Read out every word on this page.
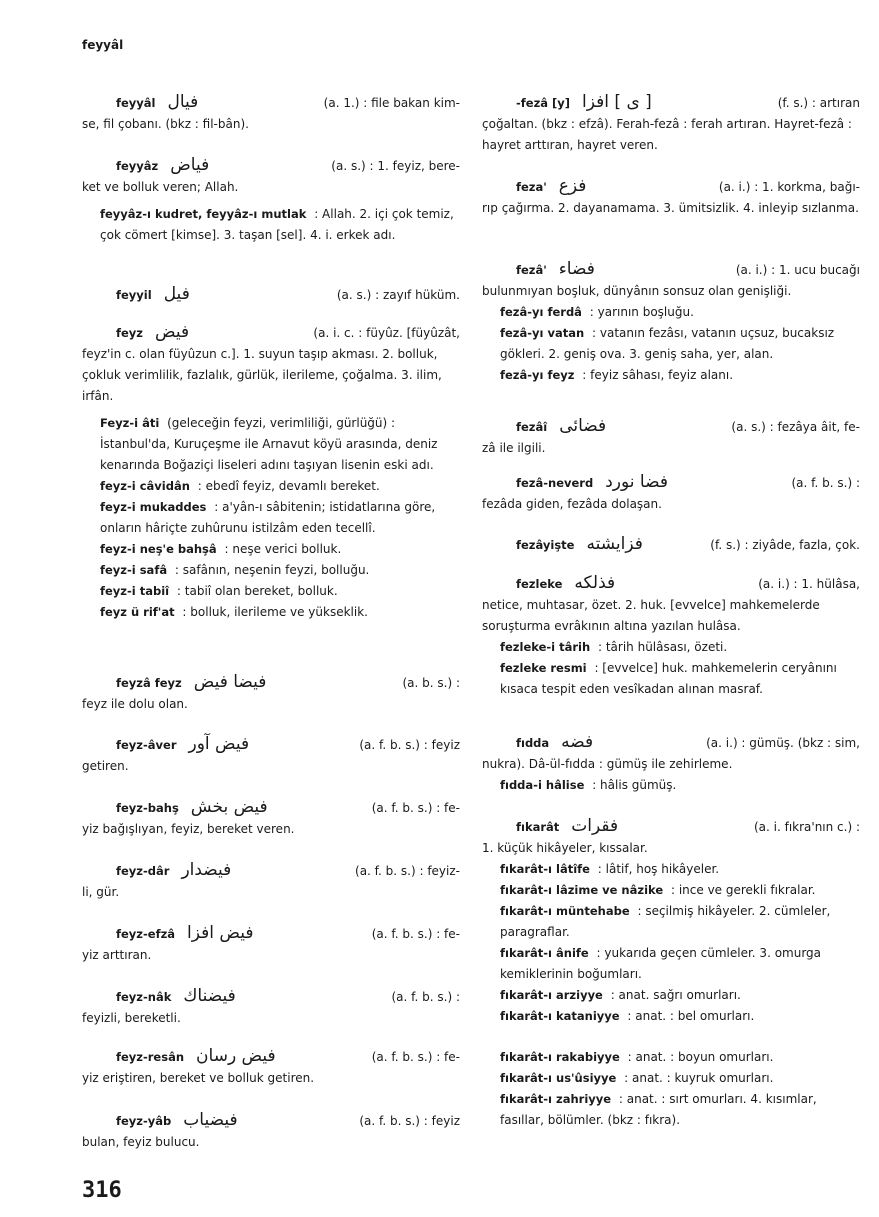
feyyâl
feyyâl فيال	(a. 1.) : file bakan kim-

se, fil çobanı. (bkz : fil-bân).

feyyâz فياض	(a. s.) : 1. feyiz, bere-

ket ve bolluk veren; Allah.

feyyâz-ı kudret, feyyâz-ı mutlak : Allah. 2. içi çok temiz, çok cömert [kimse]. 3. taşan [sel]. 4. i. erkek adı.

feyyil فيل	(a. s.) : zayıf hüküm.
feyz فيض	(a. i. c. : füyûz. [füyûzât,

feyz'in c. olan füyûzun c.]. 1. suyun taşıp akması. 2. bolluk, çokluk verimlilik, fazlalık, gürlük, ilerileme, çoğalma. 3. ilim, irfân.

Feyz-i âti (geleceğin feyzi, verimliliği, gürlüğü) : İstanbul'da, Kuruçeşme ile Arnavut köyü arasında, deniz kenarında Boğaziçi liseleri adını taşıyan lisenin eski adı.

feyz-i câvidân : ebedî feyiz, devamlı bereket.

feyz-i mukaddes : a'yân-ı sâbitenin; istidatlarına göre, onların hâriçte zuhûrunu istilzâm eden tecellî.

feyz-i neş'e bahşâ : neşe verici bolluk.

feyz-i safâ : safânın, neşenin feyzi, bolluğu.

feyz-i tabiî : tabiî olan bereket, bolluk.

feyz ü rif'at : bolluk, ilerileme ve yükseklik.

feyzâ feyz فيضا فيض	(a. b. s.) :

feyz ile dolu olan.

feyz-âver فيض آور	(a. f. b. s.) : feyiz

getiren.

feyz-bahş فيض بخش	(a. f. b. s.) : fe-

yiz bağışlıyan, feyiz, bereket veren.

feyz-dâr فيضدار	(a. f. b. s.) : feyiz-

li, gür.

feyz-efzâ فيض افزا	(a. f. b. s.) : fe-

yiz arttıran.

feyz-nâk فيضناك	(a. f. b. s.) :

feyizli, bereketli.

feyz-resân فيض رسان	(a. f. b. s.) : fe-

yiz eriştiren, bereket ve bolluk getiren.

feyz-yâb فيضياب	(a. f. b. s.) : feyiz

bulan, feyiz bulucu.

-fezâ [y] [ ى ] افزا	(f. s.) : artıran

çoğaltan. (bkz : efzâ). Ferah-fezâ : ferah artıran. Hayret-fezâ : hayret arttıran, hayret veren.

feza' فزع	(a. i.) : 1. korkma, bağı-

rıp çağırma. 2. dayanamama. 3. ümitsizlik. 4. inleyip sızlanma.

fezâ' فضاء	(a. i.) : 1. ucu bucağı

bulunmıyan boşluk, dünyânın sonsuz olan genişliği.

fezâ-yı ferdâ : yarının boşluğu.

fezâ-yı vatan : vatanın fezâsı, vatanın uçsuz, bucaksız gökleri. 2. geniş ova. 3. geniş saha, yer, alan.

fezâ-yı feyz : feyiz sâhası, feyiz alanı.

fezâî فضائى	(a. s.) : fezâya âit, fe-

zâ ile ilgili.

fezâ-neverd فضا نورد	(a. f. b. s.) :

fezâda giden, fezâda dolaşan.

fezâyişte فزايشته	(f. s.) : ziyâde, fazla, çok.
fezleke فذلكه	(a. i.) : 1. hülâsa,

netice, muhtasar, özet. 2. huk. [evvelce] mahkemelerde soruşturma evrâkının altına yazılan hulâsa.

fezleke-i târih : târih hülâsası, özeti.

fezleke resmi : [evvelce] huk. mahkemelerin ceryânını kısaca tespit eden vesîkadan alınan masraf.

fıdda فضه	(a. i.) : gümüş. (bkz : sim,

nukra). Dâ-ül-fıdda : gümüş ile zehirleme.

fıdda-i hâlise : hâlis gümüş.

fıkarât فقرات	(a. i. fıkra'nın c.) :

1. küçük hikâyeler, kıssalar.

fıkarât-ı lâtîfe : lâtif, hoş hikâyeler.

fıkarât-ı lâzime ve nâzike : ince ve gerekli fıkralar.

fıkarât-ı müntehabe : seçilmiş hikâyeler. 2. cümleler, paragraflar.

fıkarât-ı ânife : yukarıda geçen cümleler. 3. omurga kemiklerinin boğumları.

fıkarât-ı arziyye : anat. sağrı omurları.

fıkarât-ı kataniyye : anat. : bel omurları.

fıkarât-ı rakabiyye : anat. : boyun omurları.

fıkarât-ı us'ûsiyye : anat. : kuyruk omurları.

fıkarât-ı zahriyye : anat. : sırt omurları. 4. kısımlar, fasıllar, bölümler. (bkz : fıkra).

316
